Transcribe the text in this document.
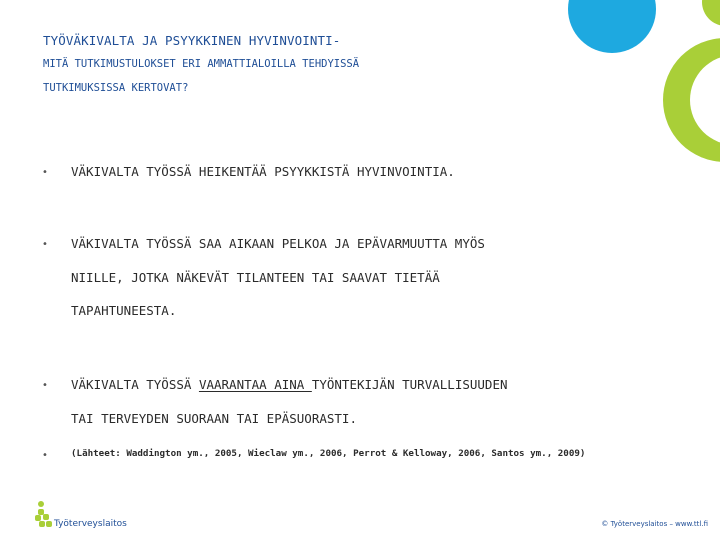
TYÖVÄKIVALTA JA PSYYKKINEN HYVINVOINTI-

MITÄ TUTKIMUSTULOKSET ERI AMMATTIALOILLA TEHDYISSÄ

TUTKIMUKSISSA KERTOVAT?

• VÄKIVALTA TYÖSSÄ HEIKENTÄÄ PSYYKKISTÄ HYVINVOINTIA.
• VÄKIVALTA TYÖSSÄ SAA AIKAAN PELKOA JA EPÄVARMUUTTA MYÖS
NIILLE, JOTKA NÄKEVÄT TILANTEEN TAI SAAVAT TIETÄÄ
TAPAHTUNEESTA.
• VÄKIVALTA TYÖSSÄ VAARANTAA AINA TYÖNTEKIJÄN TURVALLISUUDEN
TAI TERVEYDEN SUORAAN TAI EPÄSUORASTI.
•	(Lähteet: Waddington ym., 2005, Wieclaw ym., 2006, Perrot & Kelloway, 2006, Santos ym., 2009)
Työterveyslaitos	© Työterveyslaitos – www.ttl.fi
